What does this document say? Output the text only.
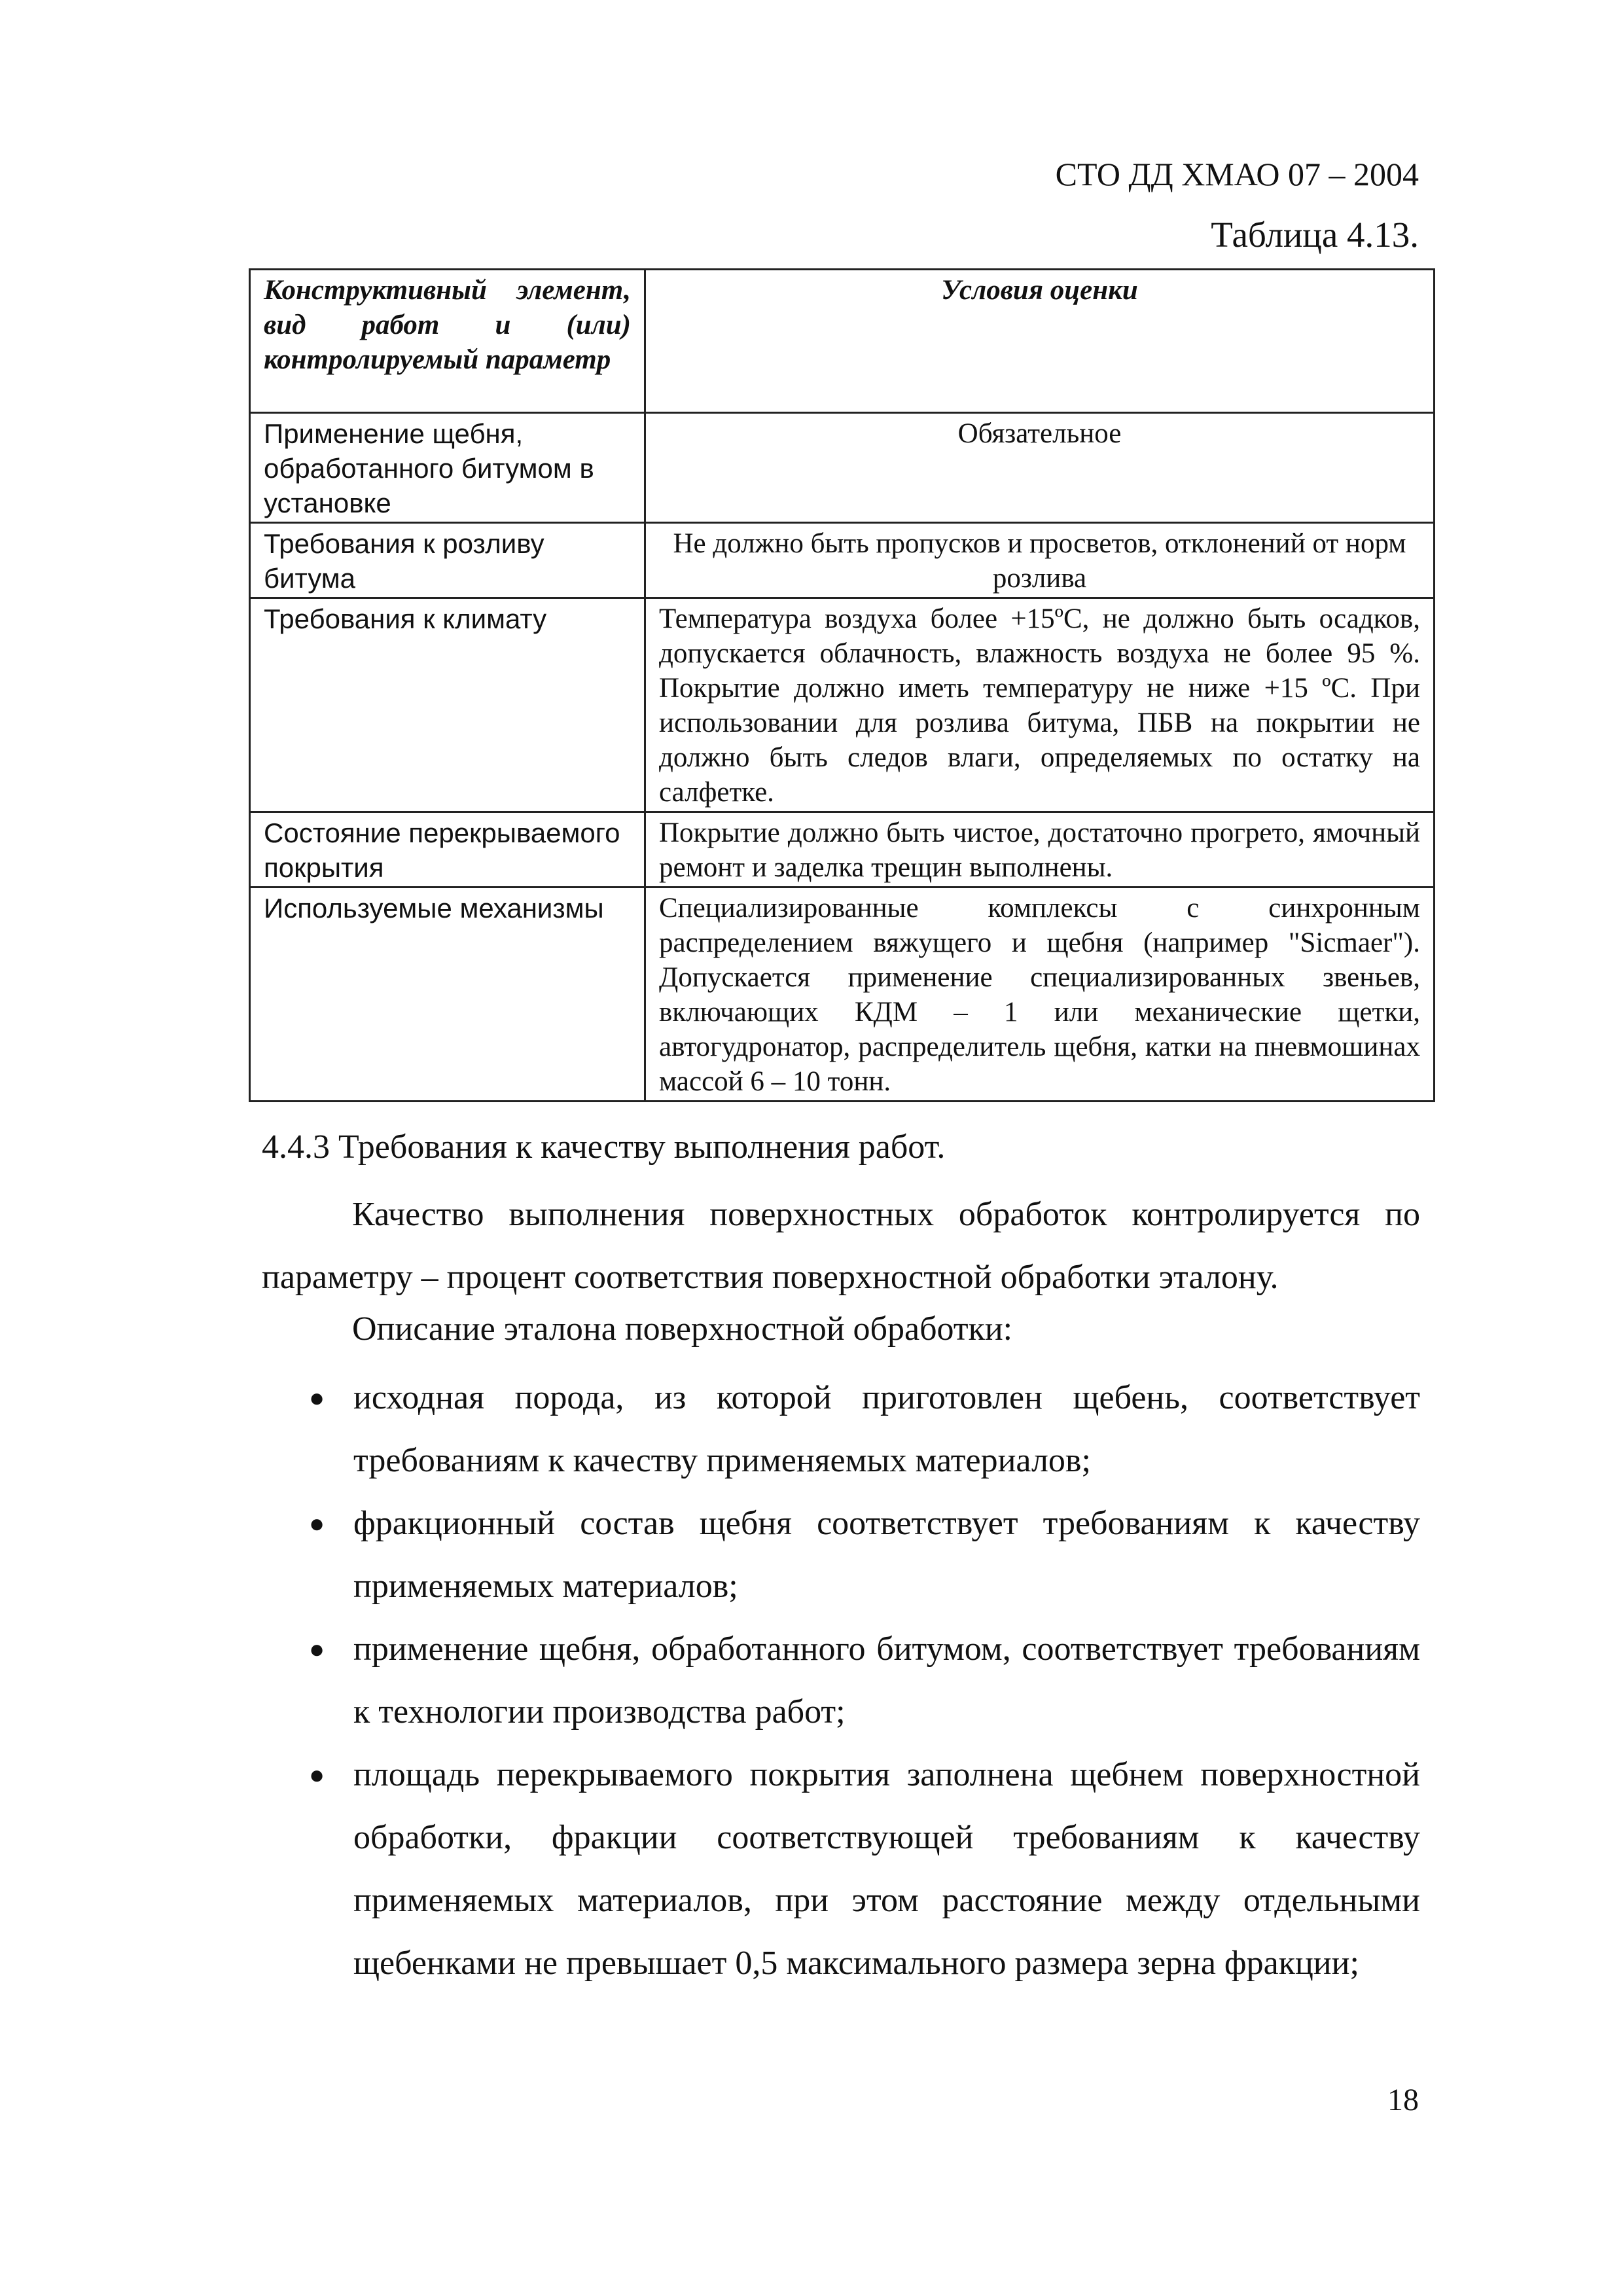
СТО ДД ХМАО 07 – 2004
Таблица 4.13.
Конструктивный элемент, вид работ и (или) контролируемый параметр	Условия оценки
Применение щебня, обработанного битумом в установке	Обязательное
Требования к розливу битума	Не должно быть пропусков и просветов, отклонений от норм розлива
Требования к климату	Температура воздуха более +15ºС, не должно быть осадков, допускается облачность, влажность воздуха не более 95 %. Покрытие должно иметь температуру не ниже +15 ºС. При использовании для розлива битума, ПБВ на покрытии не должно быть следов влаги, определяемых по остатку на салфетке.
Состояние перекрываемого покрытия	Покрытие должно быть чистое, достаточно прогрето, ямочный ремонт и заделка трещин выполнены.
Используемые механизмы	Специализированные комплексы с синхронным распределением вяжущего и щебня (например "Sicmaer"). Допускается применение специализированных звеньев, включающих КДМ – 1 или механические щетки, автогудронатор, распределитель щебня, катки на пневмошинах массой 6 – 10 тонн.
4.4.3 Требования к качеству выполнения работ.
Качество выполнения поверхностных обработок контролируется по параметру – процент соответствия поверхностной обработки эталону.
Описание эталона поверхностной обработки:
● исходная порода, из которой приготовлен щебень, соответствует требованиям к качеству применяемых материалов;
● фракционный состав щебня соответствует требованиям к качеству применяемых материалов;
● применение щебня, обработанного битумом, соответствует требованиям к технологии производства работ;
● площадь перекрываемого покрытия заполнена щебнем поверхностной обработки, фракции соответствующей требованиям к качеству применяемых материалов, при этом расстояние между отдельными щебенками не превышает 0,5 максимального размера зерна фракции;
18
